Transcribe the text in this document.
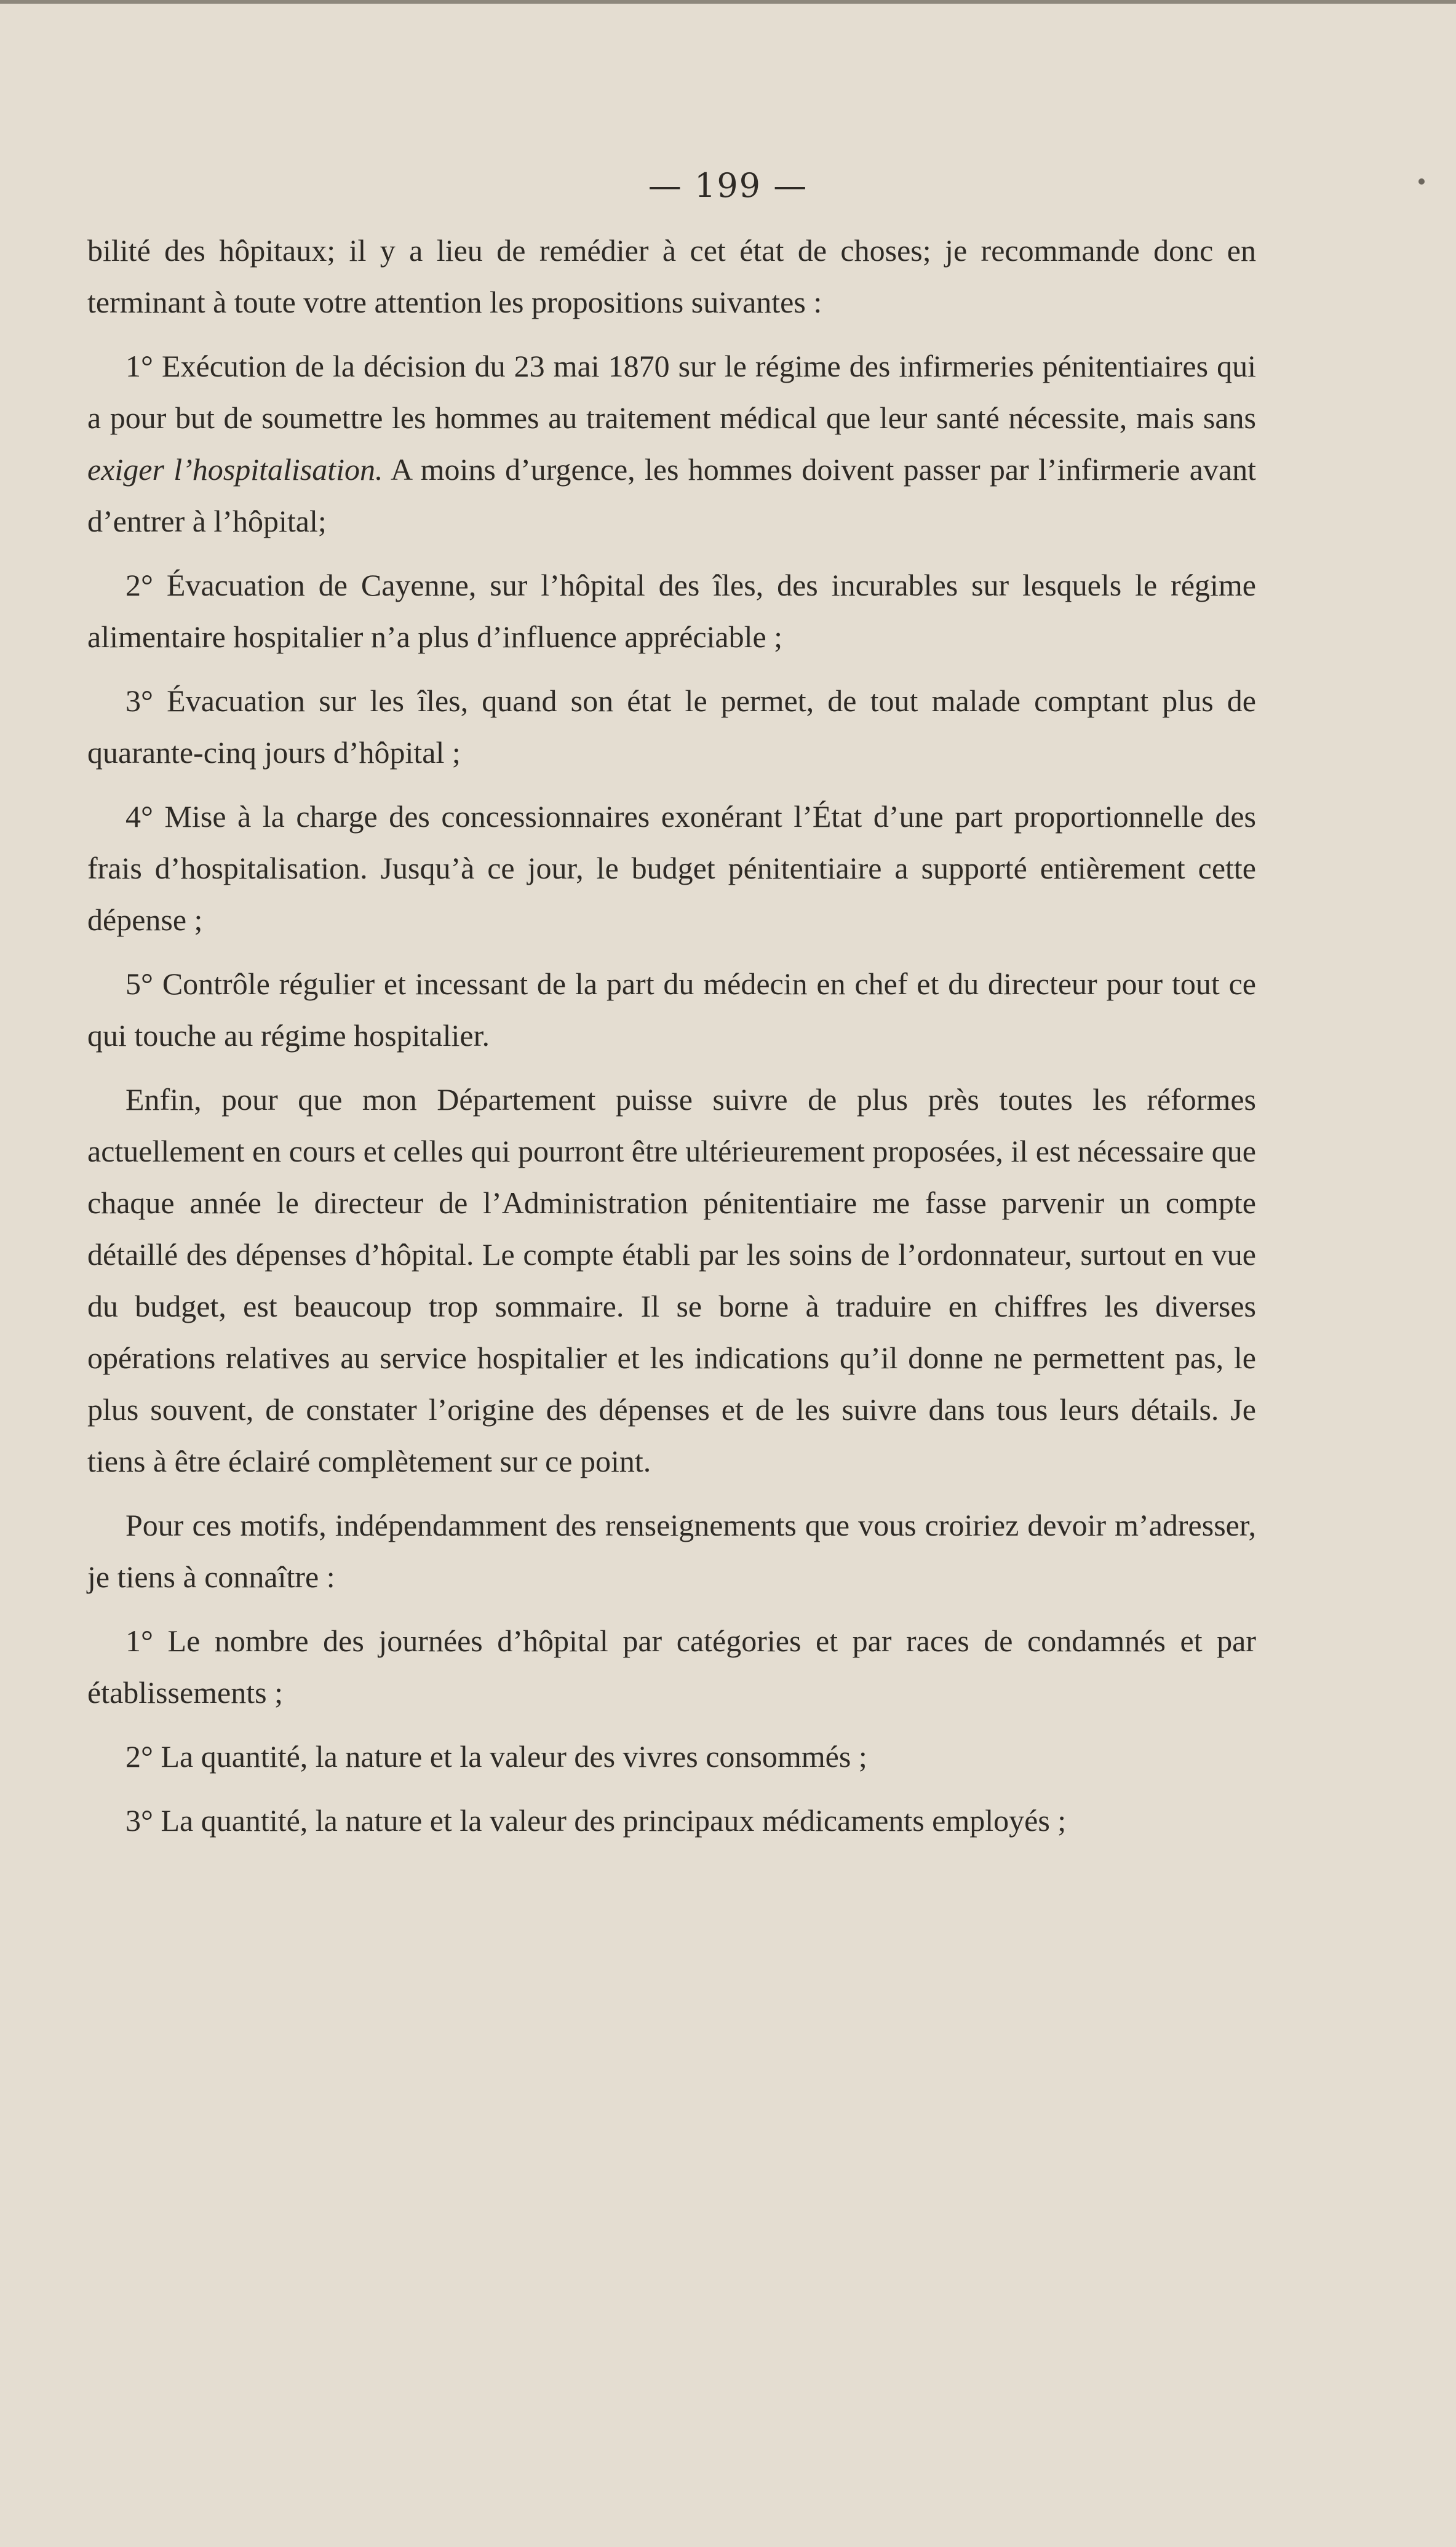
— 199 —

bilité des hôpitaux; il y a lieu de remédier à cet état de choses; je recommande donc en terminant à toute votre attention les propositions suivantes :

1° Exécution de la décision du 23 mai 1870 sur le régime des infirmeries pénitentiaires qui a pour but de soumettre les hommes au traitement médical que leur santé nécessite, mais sans exiger l’hospitalisation. A moins d’urgence, les hommes doivent passer par l’infirmerie avant d’entrer à l’hôpital;

2° Évacuation de Cayenne, sur l’hôpital des îles, des incurables sur lesquels le régime alimentaire hospitalier n’a plus d’influence appréciable ;

3° Évacuation sur les îles, quand son état le permet, de tout malade comptant plus de quarante-cinq jours d’hôpital ;

4° Mise à la charge des concessionnaires exonérant l’État d’une part proportionnelle des frais d’hospitalisation. Jusqu’à ce jour, le budget pénitentiaire a supporté entièrement cette dépense ;

5° Contrôle régulier et incessant de la part du médecin en chef et du directeur pour tout ce qui touche au régime hospitalier.

Enfin, pour que mon Département puisse suivre de plus près toutes les réformes actuellement en cours et celles qui pourront être ultérieurement proposées, il est nécessaire que chaque année le directeur de l’Administration pénitentiaire me fasse parvenir un compte détaillé des dépenses d’hôpital. Le compte établi par les soins de l’ordonnateur, surtout en vue du budget, est beaucoup trop sommaire. Il se borne à traduire en chiffres les diverses opérations relatives au service hospitalier et les indications qu’il donne ne permettent pas, le plus souvent, de constater l’origine des dépenses et de les suivre dans tous leurs détails. Je tiens à être éclairé complètement sur ce point.

Pour ces motifs, indépendamment des renseignements que vous croiriez devoir m’adresser, je tiens à connaître :

1° Le nombre des journées d’hôpital par catégories et par races de condamnés et par établissements ;

2° La quantité, la nature et la valeur des vivres consommés ;

3° La quantité, la nature et la valeur des principaux médicaments employés ;
